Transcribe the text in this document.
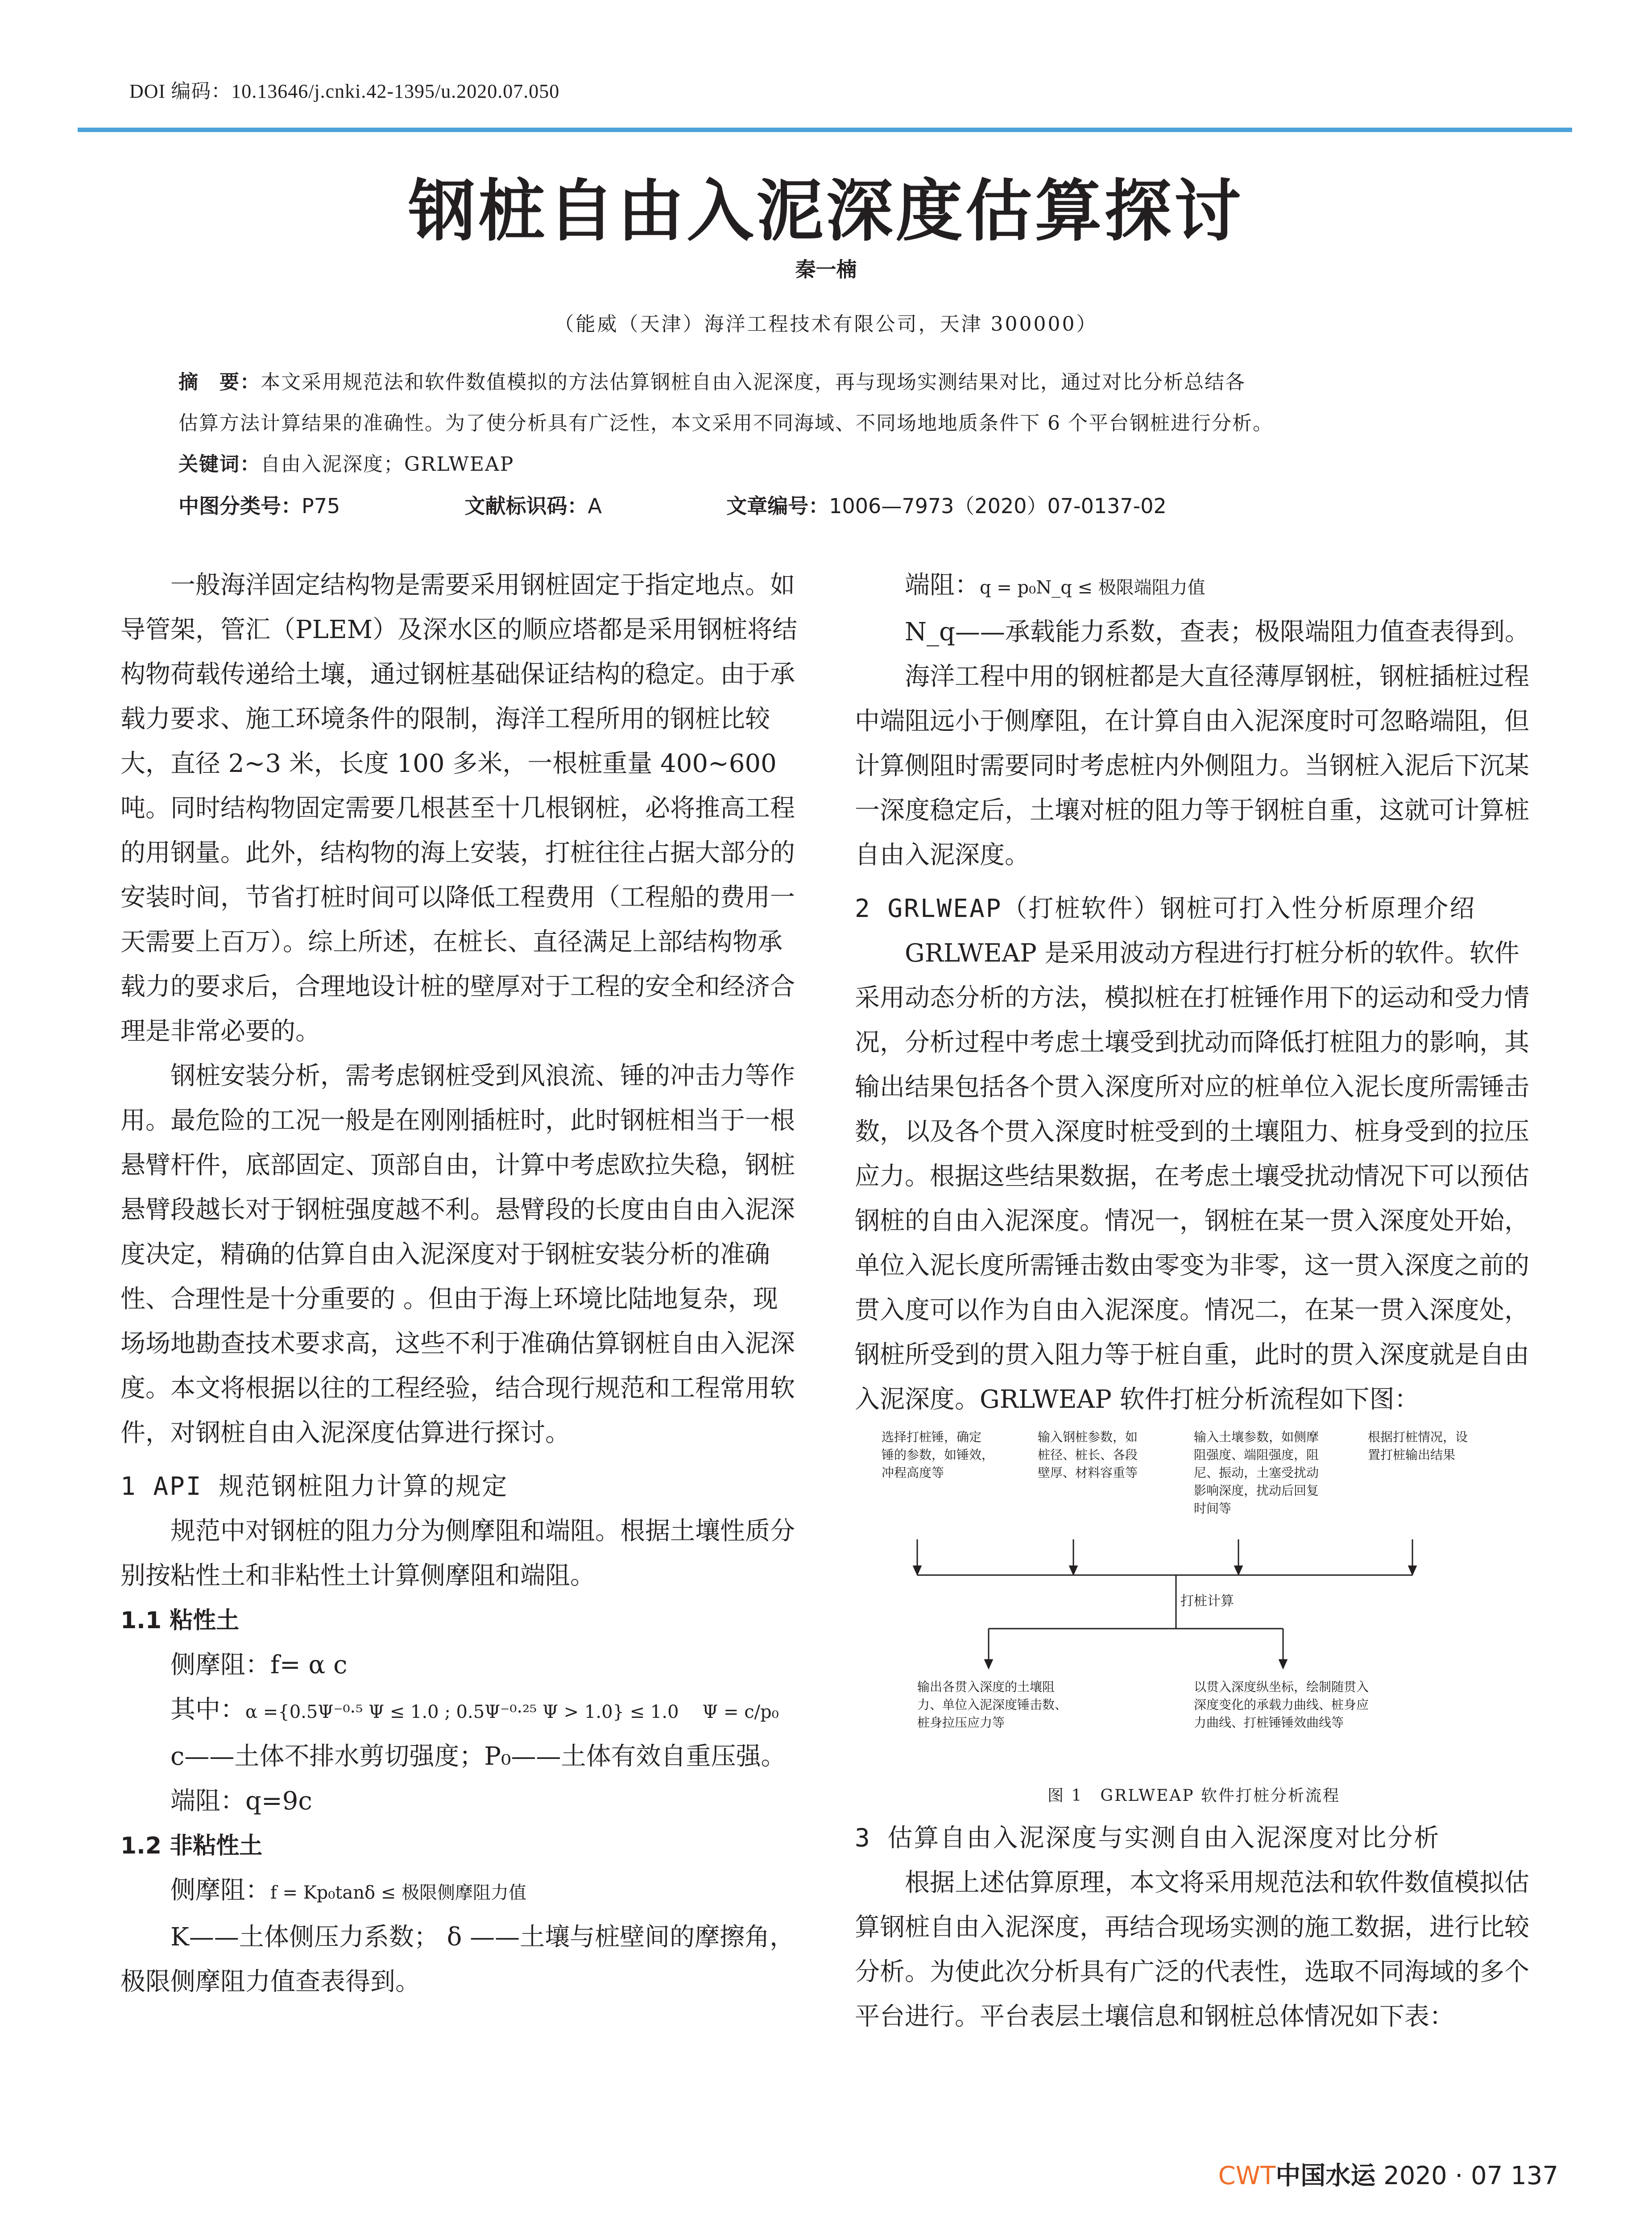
DOI 编码：10.13646/j.cnki.42-1395/u.2020.07.050
钢桩自由入泥深度估算探讨
秦一楠
（能威（天津）海洋工程技术有限公司，天津 300000）
摘　要：本文采用规范法和软件数值模拟的方法估算钢桩自由入泥深度，再与现场实测结果对比，通过对比分析总结各
估算方法计算结果的准确性。为了使分析具有广泛性，本文采用不同海域、不同场地地质条件下 6 个平台钢桩进行分析。
关键词：自由入泥深度；GRLWEAP
中图分类号：P75	文献标识码：A	文章编号：1006—7973（2020）07-0137-02

一般海洋固定结构物是需要采用钢桩固定于指定地点。如导管架，管汇（PLEM）及深水区的顺应塔都是采用钢桩将结构物荷载传递给土壤，通过钢桩基础保证结构的稳定。由于承载力要求、施工环境条件的限制，海洋工程所用的钢桩比较大，直径 2~3 米，长度 100 多米，一根桩重量 400~600 吨。同时结构物固定需要几根甚至十几根钢桩，必将推高工程的用钢量。此外，结构物的海上安装，打桩往往占据大部分的安装时间，节省打桩时间可以降低工程费用（工程船的费用一天需要上百万）。综上所述，在桩长、直径满足上部结构物承载力的要求后，合理地设计桩的壁厚对于工程的安全和经济合理是非常必要的。

钢桩安装分析，需考虑钢桩受到风浪流、锤的冲击力等作用。最危险的工况一般是在刚刚插桩时，此时钢桩相当于一根悬臂杆件，底部固定、顶部自由，计算中考虑欧拉失稳，钢桩悬臂段越长对于钢桩强度越不利。悬臂段的长度由自由入泥深度决定，精确的估算自由入泥深度对于钢桩安装分析的准确性、合理性是十分重要的 。但由于海上环境比陆地复杂，现场场地勘查技术要求高，这些不利于准确估算钢桩自由入泥深度。本文将根据以往的工程经验，结合现行规范和工程常用软件，对钢桩自由入泥深度估算进行探讨。

1 API 规范钢桩阻力计算的规定

规范中对钢桩的阻力分为侧摩阻和端阻。根据土壤性质分别按粘性土和非粘性土计算侧摩阻和端阻。

1.1 粘性土

侧摩阻：f= α c

其中：α ={0.5Ψ⁻⁰·⁵ Ψ ≤ 1.0 ; 0.5Ψ⁻⁰·²⁵ Ψ > 1.0} ≤ 1.0　 Ψ = c/p₀

c——土体不排水剪切强度；P₀——土体有效自重压强。

端阻：q=9c

1.2 非粘性土

侧摩阻：f = Kp₀tanδ ≤ 极限侧摩阻力值

K——土体侧压力系数； δ ——土壤与桩壁间的摩擦角，极限侧摩阻力值查表得到。

端阻：q = p₀N_q ≤ 极限端阻力值

N_q——承载能力系数，查表；极限端阻力值查表得到。

海洋工程中用的钢桩都是大直径薄厚钢桩，钢桩插桩过程中端阻远小于侧摩阻，在计算自由入泥深度时可忽略端阻，但计算侧阻时需要同时考虑桩内外侧阻力。当钢桩入泥后下沉某一深度稳定后，土壤对桩的阻力等于钢桩自重，这就可计算桩自由入泥深度。

2 GRLWEAP（打桩软件）钢桩可打入性分析原理介绍

GRLWEAP 是采用波动方程进行打桩分析的软件。软件采用动态分析的方法，模拟桩在打桩锤作用下的运动和受力情况，分析过程中考虑土壤受到扰动而降低打桩阻力的影响，其输出结果包括各个贯入深度所对应的桩单位入泥长度所需锤击数，以及各个贯入深度时桩受到的土壤阻力、桩身受到的拉压应力。根据这些结果数据，在考虑土壤受扰动情况下可以预估钢桩的自由入泥深度。情况一，钢桩在某一贯入深度处开始，单位入泥长度所需锤击数由零变为非零，这一贯入深度之前的贯入度可以作为自由入泥深度。情况二，在某一贯入深度处，钢桩所受到的贯入阻力等于桩自重，此时的贯入深度就是自由入泥深度。GRLWEAP 软件打桩分析流程如下图：

选择打桩锤，确定锤的参数，如锤效，冲程高度等
输入钢桩参数，如桩径、桩长、各段壁厚、材料容重等
输入土壤参数，如侧摩阻强度、端阻强度，阻尼、振动，土塞受扰动影响深度，扰动后回复时间等
根据打桩情况，设置打桩输出结果
打桩计算
输出各贯入深度的土壤阻力、单位入泥深度锤击数、桩身拉压应力等
以贯入深度纵坐标，绘制随贯入深度变化的承载力曲线、桩身应力曲线、打桩锤锤效曲线等
图 1　GRLWEAP 软件打桩分析流程

3 估算自由入泥深度与实测自由入泥深度对比分析

根据上述估算原理，本文将采用规范法和软件数值模拟估算钢桩自由入泥深度，再结合现场实测的施工数据，进行比较分析。为使此次分析具有广泛的代表性，选取不同海域的多个平台进行。平台表层土壤信息和钢桩总体情况如下表：

CWT中国水运 2020 · 07 137
